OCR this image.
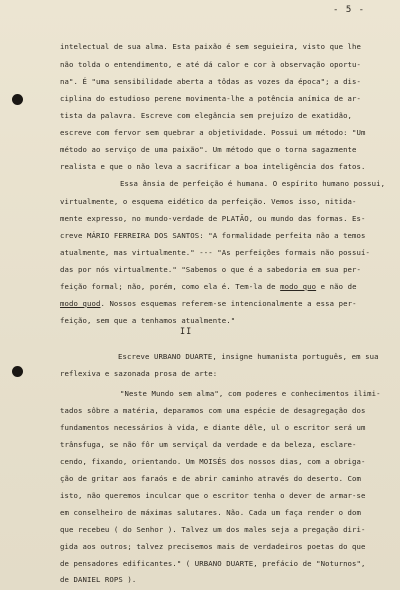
- 5 -
intelectual de sua alma. Esta paixão é sem seguieira, visto que lhe
não tolda o entendimento, e até dá calor e cor à observação oportu-
na". É "uma sensibilidade aberta a tôdas as vozes da época"; a dis-
ciplina do estudioso perene movimenta-lhe a potência anímica de ar-
tista da palavra. Escreve com elegância sem prejuízo de exatidão,
escreve com fervor sem quebrar a objetividade. Possui um método: "Um
método ao serviço de uma paixão". Um método que o torna sagazmente
realista e que o não leva a sacrificar a boa inteligência dos fatos.
Essa ânsia de perfeição é humana. O espírito humano possui,
virtualmente, o esquema eidético da perfeição. Vemos isso, nitida-
mente expresso, no mundo-verdade de PLATÃO, ou mundo das formas. Es-
creve MÁRIO FERREIRA DOS SANTOS: "A formalidade perfeita não a temos
atualmente, mas virtualmente." --- "As perfeições formais não possuí-
das por nós virtualmente." "Sabemos o que é a sabedoria em sua per-
feição formal; não, porém, como ela é. Tem-la de modo quo e não de
modo quod. Nossos esquemas referem-se intencionalmente a essa per-
feição, sem que a tenhamos atualmente."
II
Escreve URBANO DUARTE, insigne humanista português, em sua
reflexiva e sazonada prosa de arte:
"Neste Mundo sem alma", com poderes e conhecimentos ilimi-
tados sôbre a matéria, deparamos com uma espécie de desagregação dos
fundamentos necessários à vida, e diante dêle, ul o escritor será um
trânsfuga, se não fôr um serviçal da verdade e da beleza, esclare-
cendo, fixando, orientando. Um MOISÉS dos nossos dias, com a obriga-
ção de gritar aos faraós e de abrir caminho através do deserto. Com
isto, não queremos inculcar que o escritor tenha o dever de armar-se
em conselheiro de máximas salutares. Não. Cada um faça render o dom
que recebeu ( do Senhor ). Talvez um dos males seja a pregação diri-
gida aos outros; talvez precisemos mais de verdadeiros poetas do que
de pensadores edificantes." ( URBANO DUARTE, prefácio de "Noturnos",
de DANIEL ROPS ).
